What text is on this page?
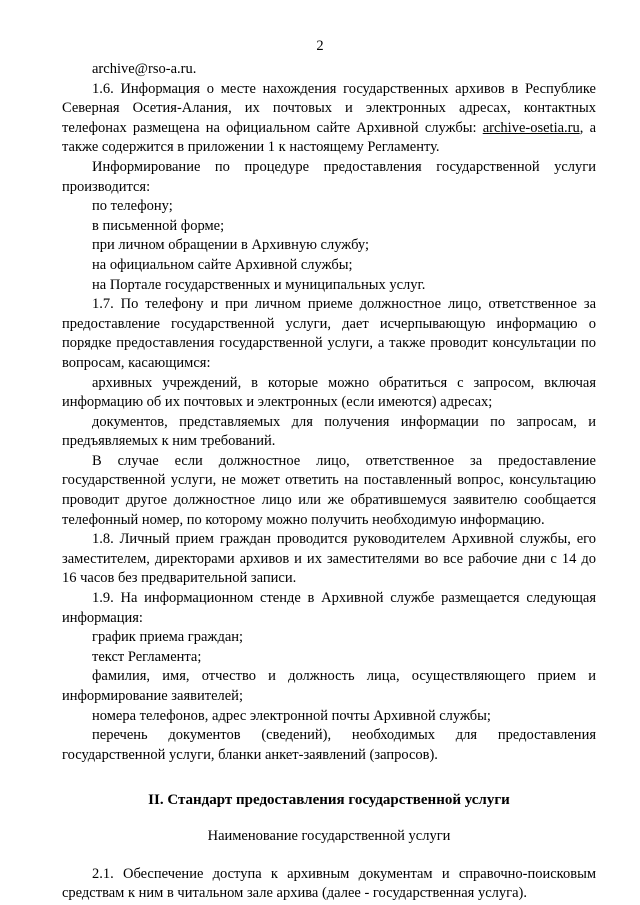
2

archive@rso-a.ru.

1.6. Информация о месте нахождения государственных архивов в Республике Северная Осетия-Алания, их почтовых и электронных адресах, контактных телефонах размещена на официальном сайте Архивной службы: archive-osetia.ru, а также содержится в приложении 1 к настоящему Регламенту.

Информирование по процедуре предоставления государственной услуги производится:

по телефону;

в письменной форме;

при личном обращении в Архивную службу;

на официальном сайте Архивной службы;

на Портале государственных и муниципальных услуг.

1.7. По телефону и при личном приеме должностное лицо, ответственное за предоставление государственной услуги, дает исчерпывающую информацию о порядке предоставления государственной услуги, а также проводит консультации по вопросам, касающимся:

архивных учреждений, в которые можно обратиться с запросом, включая информацию об их почтовых и электронных (если имеются) адресах;

документов, представляемых для получения информации по запросам, и предъявляемых к ним требований.

В случае если должностное лицо, ответственное за предоставление государственной услуги, не может ответить на поставленный вопрос, консультацию проводит другое должностное лицо или же обратившемуся заявителю сообщается телефонный номер, по которому можно получить необходимую информацию.

1.8. Личный прием граждан проводится руководителем Архивной службы, его заместителем, директорами архивов и их заместителями во все рабочие дни с 14 до 16 часов без предварительной записи.

1.9. На информационном стенде в Архивной службе размещается следующая информация:

график приема граждан;

текст Регламента;

фамилия, имя, отчество и должность лица, осуществляющего прием и информирование заявителей;

номера телефонов, адрес электронной почты Архивной службы;

перечень документов (сведений), необходимых для предоставления государственной услуги, бланки анкет-заявлений (запросов).

II. Стандарт предоставления государственной услуги

Наименование государственной услуги

2.1. Обеспечение доступа к архивным документам и справочно-поисковым средствам к ним в читальном зале архива (далее - государственная услуга).
